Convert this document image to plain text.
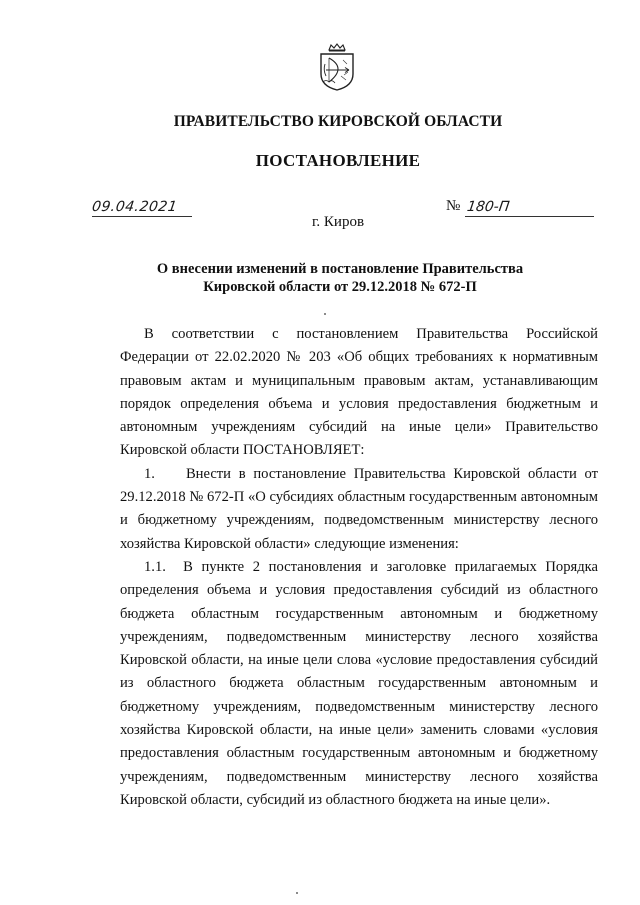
ПРАВИТЕЛЬСТВО КИРОВСКОЙ ОБЛАСТИ
ПОСТАНОВЛЕНИЕ
09.04.2021	№ 180-П
г. Киров
О внесении изменений в постановление Правительства
Кировской области от 29.12.2018 № 672-П

В соответствии с постановлением Правительства Российской Федерации от 22.02.2020 № 203 «Об общих требованиях к нормативным правовым актам и муниципальным правовым актам, устанавливающим порядок определения объема и условия предоставления бюджетным и автономным учреждениям субсидий на иные цели» Правительство Кировской области ПОСТАНОВЛЯЕТ:

1.    Внести в постановление Правительства Кировской области от 29.12.2018 № 672-П «О субсидиях областным государственным автономным и бюджетному учреждениям, подведомственным министерству лесного хозяйства Кировской области» следующие изменения:

1.1.  В пункте 2 постановления и заголовке прилагаемых Порядка определения объема и условия предоставления субсидий из областного бюджета областным государственным автономным и бюджетному учреждениям, подведомственным министерству лесного хозяйства Кировской области, на иные цели слова «условие предоставления субсидий из областного бюджета областным государственным автономным и бюджетному учреждениям, подведомственным министерству лесного хозяйства Кировской области, на иные цели» заменить словами «условия предоставления областным государственным автономным и бюджетному учреждениям, подведомственным министерству лесного хозяйства Кировской области, субсидий из областного бюджета на иные цели».
